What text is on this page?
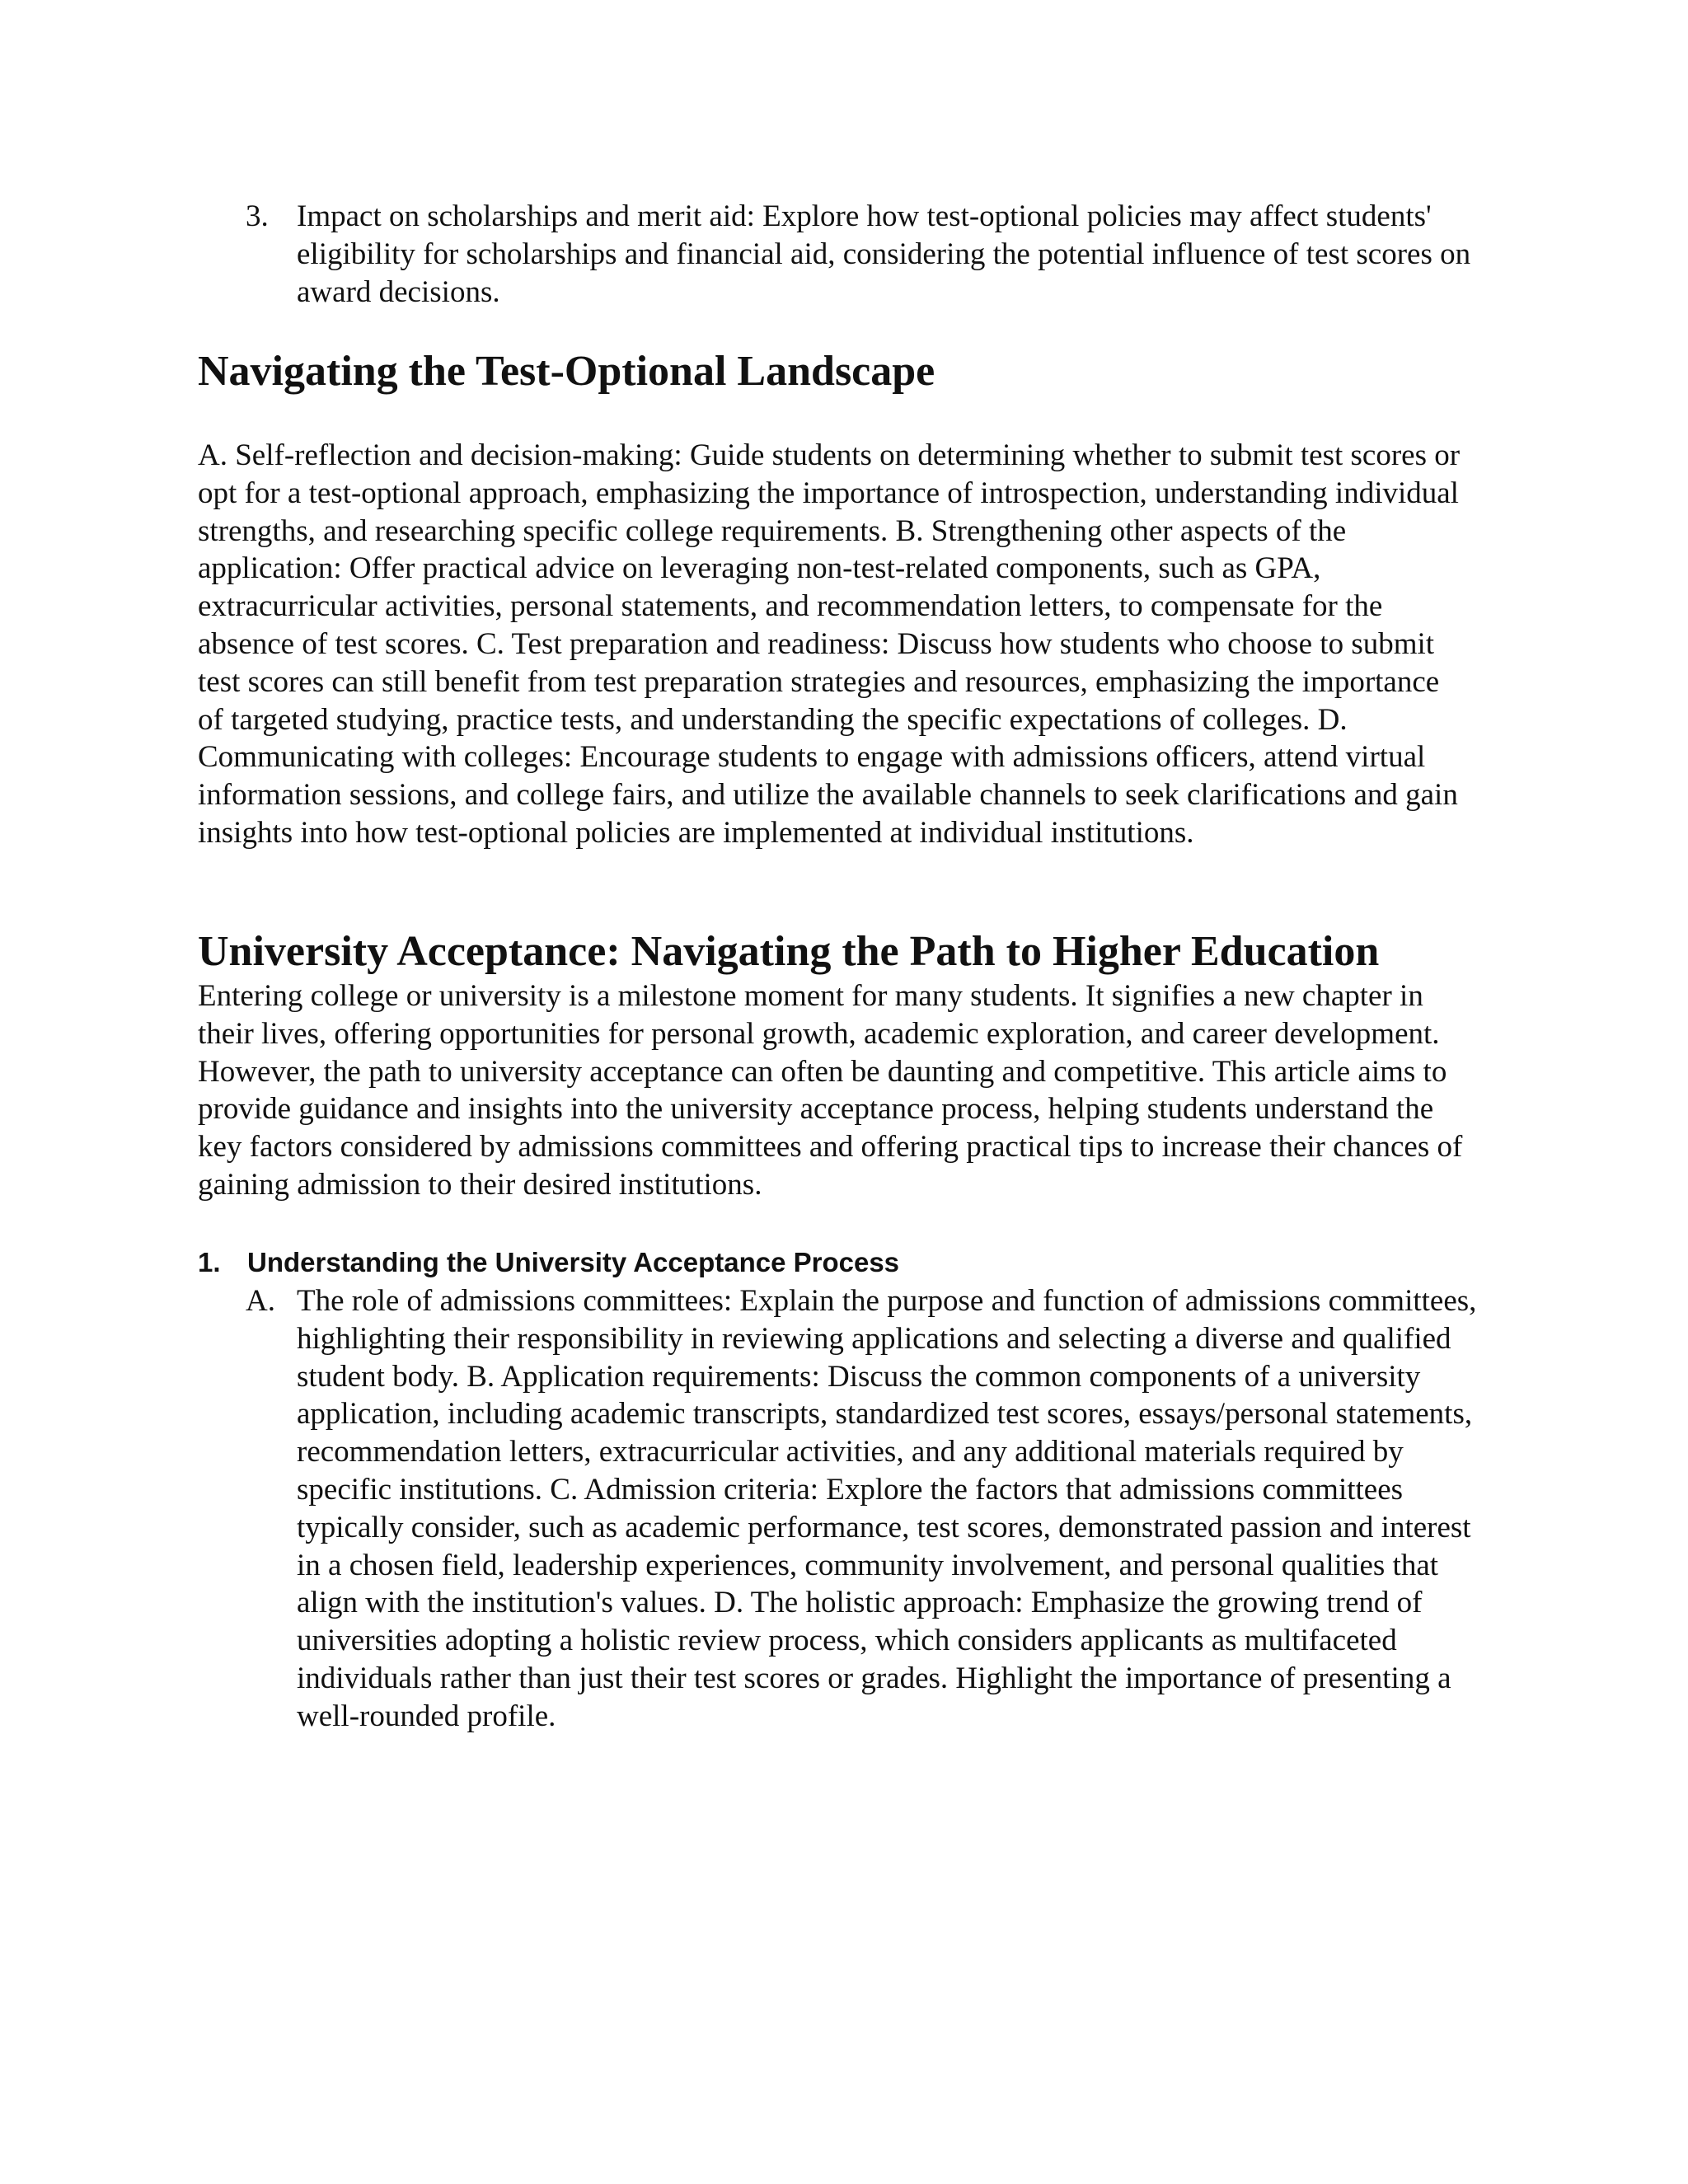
3. Impact on scholarships and merit aid: Explore how test-optional policies may affect students' eligibility for scholarships and financial aid, considering the potential influence of test scores on award decisions.
Navigating the Test-Optional Landscape

A. Self-reflection and decision-making: Guide students on determining whether to submit test scores or opt for a test-optional approach, emphasizing the importance of introspection, understanding individual strengths, and researching specific college requirements. B. Strengthening other aspects of the application: Offer practical advice on leveraging non-test-related components, such as GPA, extracurricular activities, personal statements, and recommendation letters, to compensate for the absence of test scores. C. Test preparation and readiness: Discuss how students who choose to submit test scores can still benefit from test preparation strategies and resources, emphasizing the importance of targeted studying, practice tests, and understanding the specific expectations of colleges. D. Communicating with colleges: Encourage students to engage with admissions officers, attend virtual information sessions, and college fairs, and utilize the available channels to seek clarifications and gain insights into how test-optional policies are implemented at individual institutions.

University Acceptance: Navigating the Path to Higher Education

Entering college or university is a milestone moment for many students. It signifies a new chapter in their lives, offering opportunities for personal growth, academic exploration, and career development. However, the path to university acceptance can often be daunting and competitive. This article aims to provide guidance and insights into the university acceptance process, helping students understand the key factors considered by admissions committees and offering practical tips to increase their chances of gaining admission to their desired institutions.

1. Understanding the University Acceptance Process
A. The role of admissions committees: Explain the purpose and function of admissions committees, highlighting their responsibility in reviewing applications and selecting a diverse and qualified student body. B. Application requirements: Discuss the common components of a university application, including academic transcripts, standardized test scores, essays/personal statements, recommendation letters, extracurricular activities, and any additional materials required by specific institutions. C. Admission criteria: Explore the factors that admissions committees typically consider, such as academic performance, test scores, demonstrated passion and interest in a chosen field, leadership experiences, community involvement, and personal qualities that align with the institution's values. D. The holistic approach: Emphasize the growing trend of universities adopting a holistic review process, which considers applicants as multifaceted individuals rather than just their test scores or grades. Highlight the importance of presenting a well-rounded profile.
